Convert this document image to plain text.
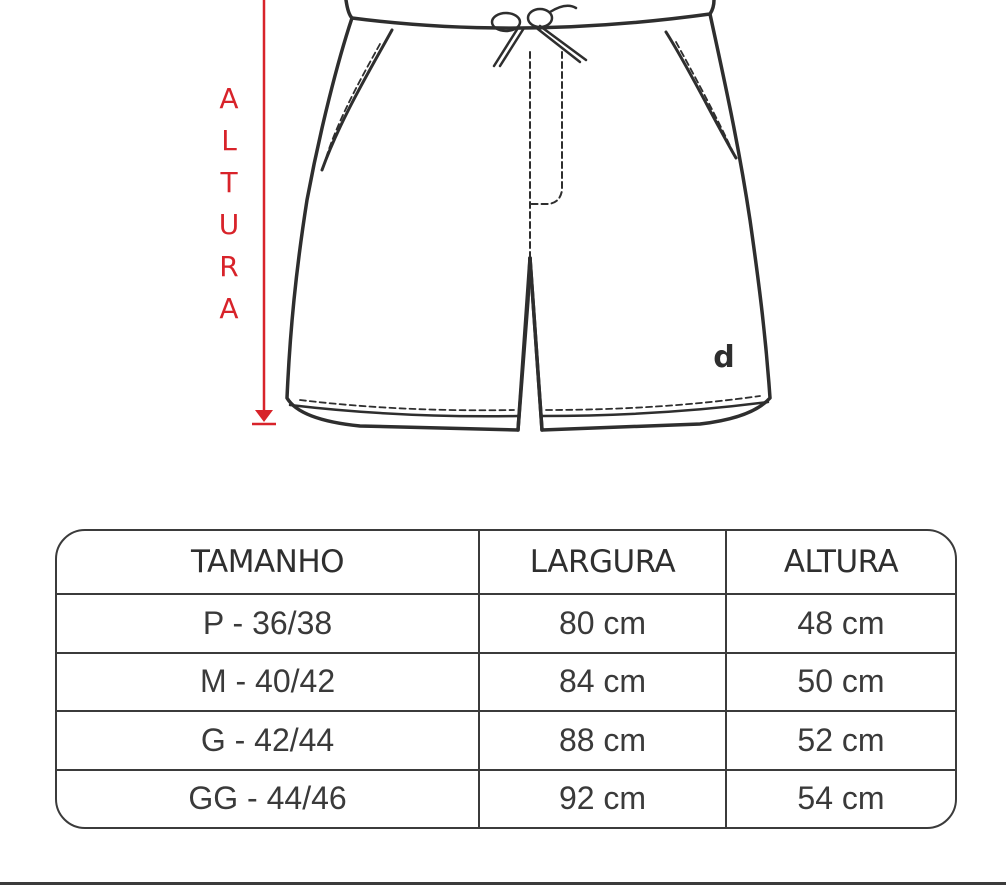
d
A
L
T
U
R
A
TAMANHO	LARGURA	ALTURA
P - 36/38	80 cm	48 cm
M - 40/42	84 cm	50 cm
G - 42/44	88 cm	52 cm
GG - 44/46	92 cm	54 cm
